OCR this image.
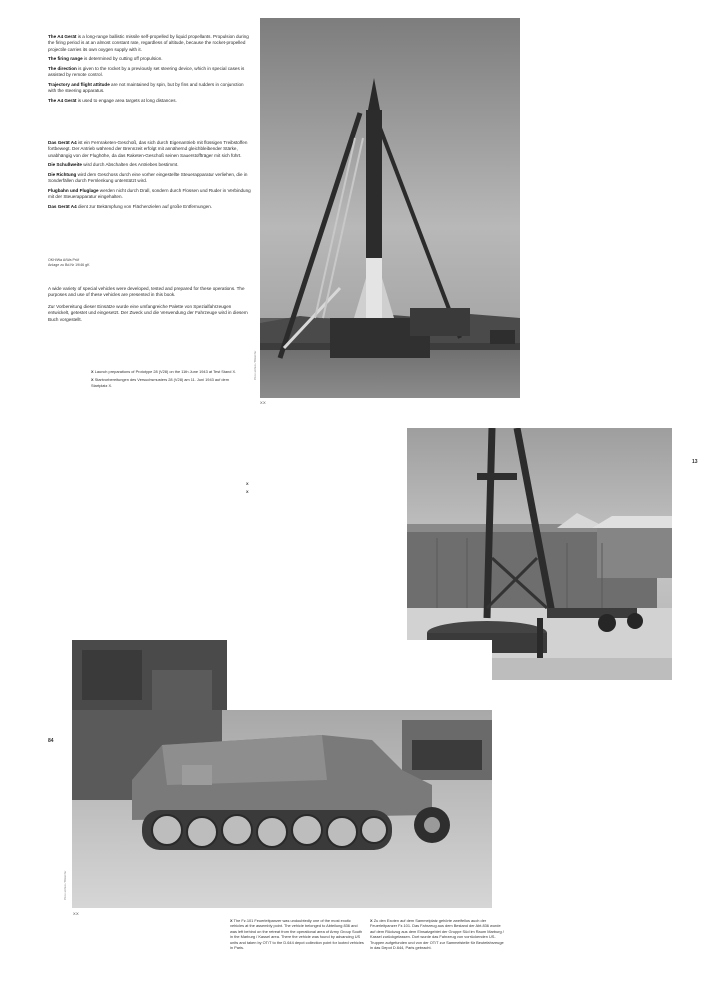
The A4 Gerät is a long-range ballistic missile self-propelled by liquid propellants. Propulsion during the firing period is at an almost constant rate, regardless of altitude, because the rocket-propelled projectile carries its own oxygen supply with it.

The firing range is determined by cutting off propulsion.

The direction is given to the rocket by a previously set steering device, which in special cases is assisted by remote control.

Trajectory and flight attitude are not maintained by spin, but by fins and rudders in conjunction with the steering apparatus.

The A4 Gerät is used to engage area targets at long distances.

Das Gerät A4 ist ein Fernraketen-Geschoß, das sich durch Eigenantrieb mit flüssigen Treibstoffen fortbewegt. Der Antrieb während der Brennzeit erfolgt mit annähernd gleichbleibender Stärke, unabhängig von der Flughöhe, da das Raketen-Geschoß seinen Sauerstoffträger mit sich führt.

Die Schußweite wird durch Abschalten des Antriebes bestimmt.

Die Richtung wird dem Geschoss durch eine vorher eingestellte Steuerapparatur verliehen, die in Sonderfällen durch Fernlenkung unterstützt wird.

Flugbahn und Fluglage werden nicht durch Drall, sondern durch Flossen und Ruder in Verbindung mit der Steuerapparatur eingehalten.

Das Gerät A4 dient zur Bekämpfung von Flächenzielen auf große Entfernungen.

OKH/Wa A/Wa Prüf
Anlage zu Bd.Nr 19/46 gK

A wide variety of special vehicles were developed, tested and prepared for these operations. The purposes and use of these vehicles are presented in this book.

Zur Vorbereitung dieser Einsätze wurde eine umfangreiche Palette von Spezialfahrzeugen entwickelt, getestet und eingesetzt. Der Zweck und die Verwendung der Fahrzeuge wird in diesem Buch vorgestellt.

X Launch preparations of Prototype 28 (V28) on the 11th June 1943 at Test Stand X.

X Startvorbereitungen des Versuchsmusters 28 (V28) am 11. Juni 1943 auf dem Startplatz X.

Photo archive / Bildarchiv
XX
13

X

X

Photo archive / Bildarchiv
XX
84

X The Fz.101 Feuerleitpanzer was undoubtedly one of the most exotic vehicles at the assembly point. The vehicle belonged to Abteilung 836 and was left behind on the retreat from the operational area of Army Group South in the Marburg / Kassel area. There the vehicle was found by advancing US units and taken by OT/T to the D.644 depot collection point for looted vehicles in Paris.

X Zu den Exoten auf dem Sammelplatz gehörte zweifellos auch der Feuerleitpanzer Fz.101. Das Fahrzeug aus dem Bestand der Abt.836 wurde auf dem Rückzug aus dem Einsatzgebiet der Gruppe Süd im Raum Marburg / Kassel zurückgelassen. Dort wurde das Fahrzeug von vorrückenden US-Truppen aufgefunden und von der OT/T zur Sammelstelle für Beutefahrzeuge in das Depot D.644, Paris gebracht.
